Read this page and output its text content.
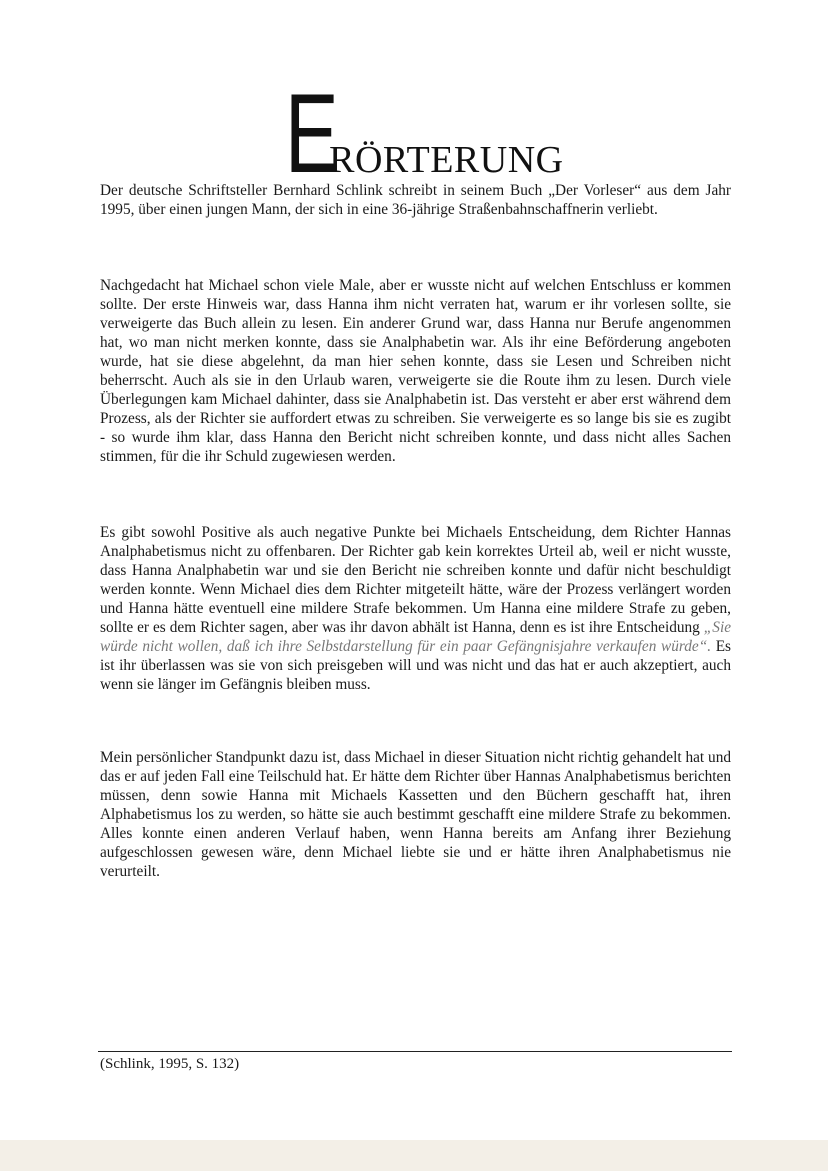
ERÖRTERUNG

Der deutsche Schriftsteller Bernhard Schlink schreibt in seinem Buch „Der Vorleser“ aus dem Jahr 1995, über einen jungen Mann, der sich in eine 36-jährige Straßenbahnschaffnerin verliebt.

Nachgedacht hat Michael schon viele Male, aber er wusste nicht auf welchen Entschluss er kommen sollte. Der erste Hinweis war, dass Hanna ihm nicht verraten hat, warum er ihr vorlesen sollte, sie verweigerte das Buch allein zu lesen. Ein anderer Grund war, dass Hanna nur Berufe angenommen hat, wo man nicht merken konnte, dass sie Analphabetin war. Als ihr eine Beförderung angeboten wurde, hat sie diese abgelehnt, da man hier sehen konnte, dass sie Lesen und Schreiben nicht beherrscht. Auch als sie in den Urlaub waren, verweigerte sie die Route ihm zu lesen. Durch viele Überlegungen kam Michael dahinter, dass sie Analphabetin ist. Das versteht er aber erst während dem Prozess, als der Richter sie auffordert etwas zu schreiben. Sie verweigerte es so lange bis sie es zugibt - so wurde ihm klar, dass Hanna den Bericht nicht schreiben konnte, und dass nicht alles Sachen stimmen, für die ihr Schuld zugewiesen werden.

Es gibt sowohl Positive als auch negative Punkte bei Michaels Entscheidung, dem Richter Hannas Analphabetismus nicht zu offenbaren. Der Richter gab kein korrektes Urteil ab, weil er nicht wusste, dass Hanna Analphabetin war und sie den Bericht nie schreiben konnte und dafür nicht beschuldigt werden konnte. Wenn Michael dies dem Richter mitgeteilt hätte, wäre der Prozess verlängert worden und Hanna hätte eventuell eine mildere Strafe bekommen. Um Hanna eine mildere Strafe zu geben, sollte er es dem Richter sagen, aber was ihr davon abhält ist Hanna, denn es ist ihre Entscheidung „Sie würde nicht wollen, daß ich ihre Selbstdarstellung für ein paar Gefängnisjahre verkaufen würde“. Es ist ihr überlassen was sie von sich preisgeben will und was nicht und das hat er auch akzeptiert, auch wenn sie länger im Gefängnis bleiben muss.

Mein persönlicher Standpunkt dazu ist, dass Michael in dieser Situation nicht richtig gehandelt hat und das er auf jeden Fall eine Teilschuld hat. Er hätte dem Richter über Hannas Analphabetismus berichten müssen, denn sowie Hanna mit Michaels Kassetten und den Büchern geschafft hat, ihren Alphabetismus los zu werden, so hätte sie auch bestimmt geschafft eine mildere Strafe zu bekommen. Alles konnte einen anderen Verlauf haben, wenn Hanna bereits am Anfang ihrer Beziehung aufgeschlossen gewesen wäre, denn Michael liebte sie und er hätte ihren Analphabetismus nie verurteilt.

(Schlink, 1995, S. 132)
